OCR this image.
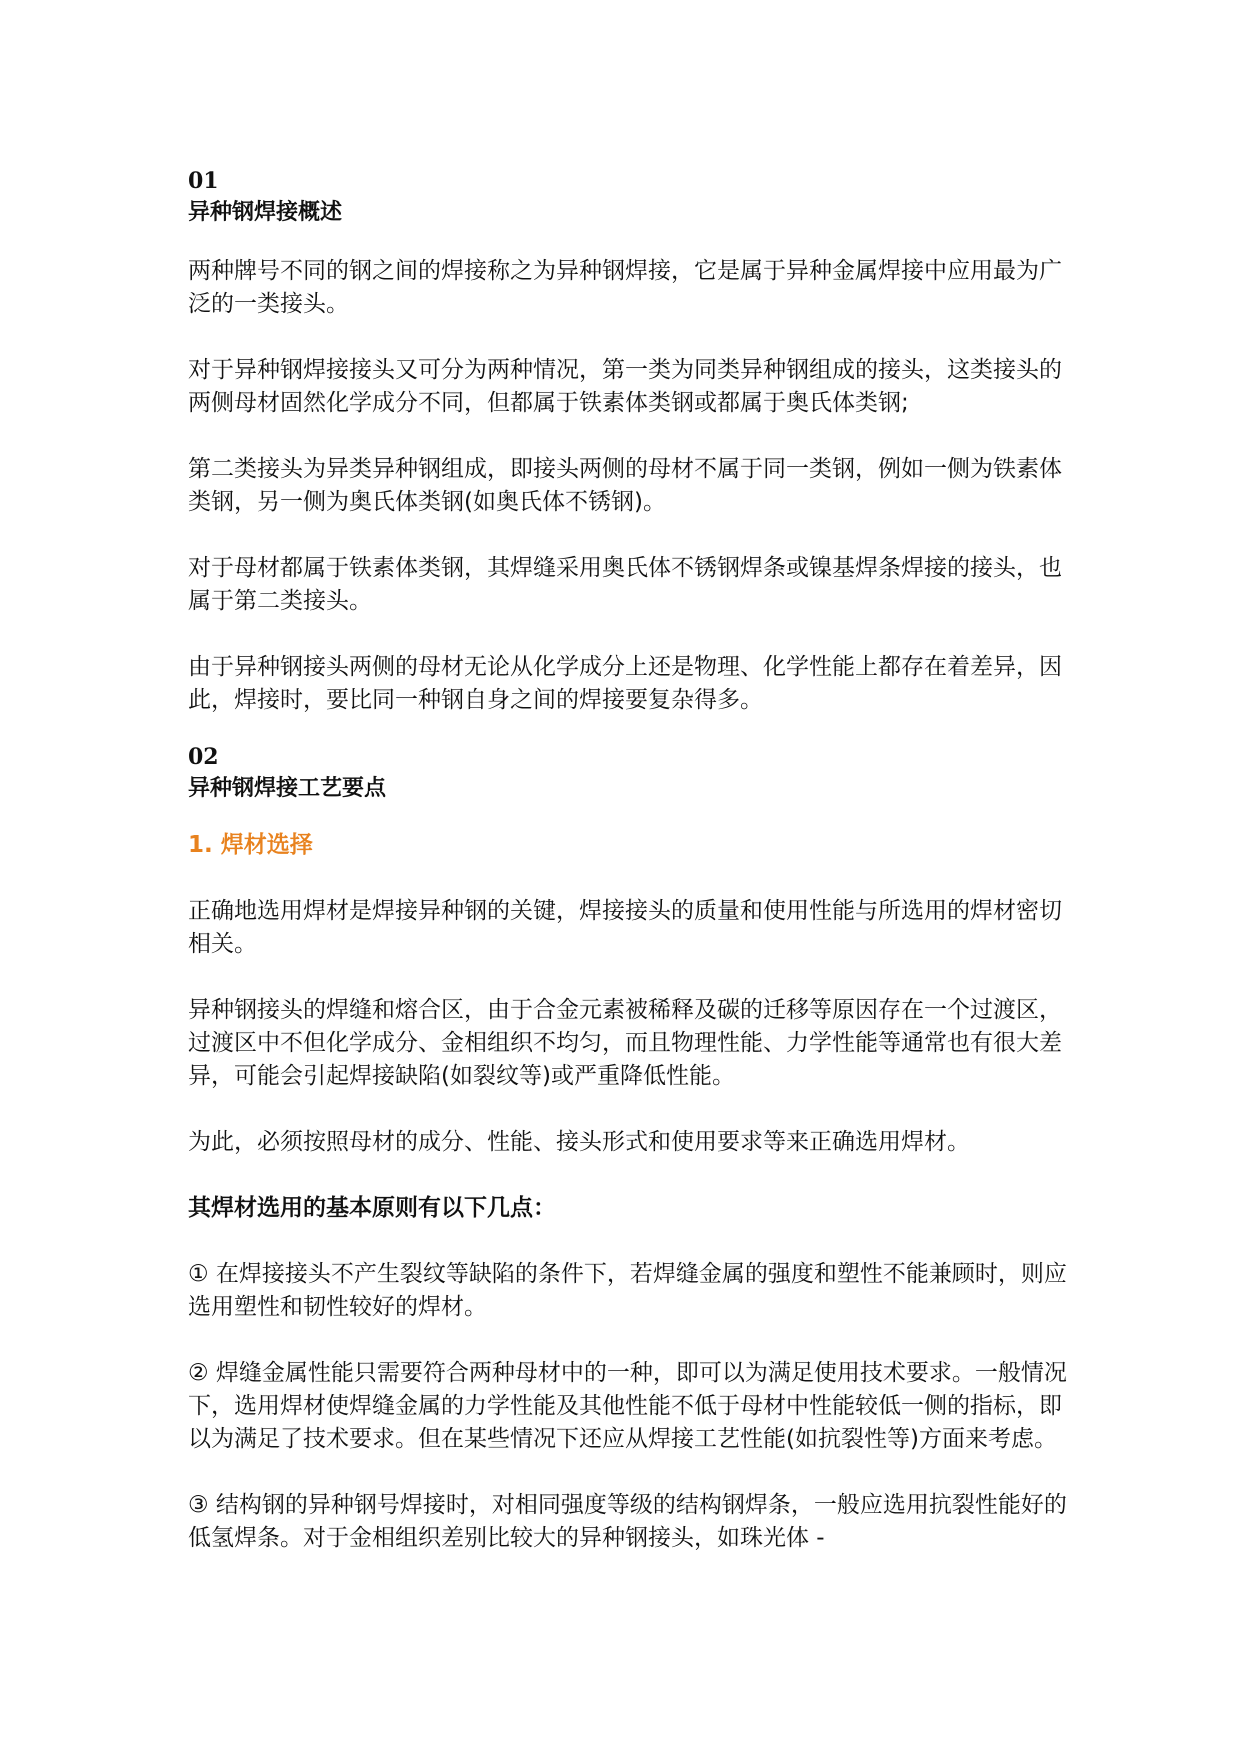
01
异种钢焊接概述

两种牌号不同的钢之间的焊接称之为异种钢焊接，它是属于异种金属焊接中应用最为广泛的一类接头。

对于异种钢焊接接头又可分为两种情况，第一类为同类异种钢组成的接头，这类接头的两侧母材固然化学成分不同，但都属于铁素体类钢或都属于奥氏体类钢;

第二类接头为异类异种钢组成，即接头两侧的母材不属于同一类钢，例如一侧为铁素体类钢，另一侧为奥氏体类钢(如奥氏体不锈钢)。

对于母材都属于铁素体类钢，其焊缝采用奥氏体不锈钢焊条或镍基焊条焊接的接头，也属于第二类接头。

由于异种钢接头两侧的母材无论从化学成分上还是物理、化学性能上都存在着差异，因此，焊接时，要比同一种钢自身之间的焊接要复杂得多。

02
异种钢焊接工艺要点
1. 焊材选择

正确地选用焊材是焊接异种钢的关键，焊接接头的质量和使用性能与所选用的焊材密切相关。

异种钢接头的焊缝和熔合区，由于合金元素被稀释及碳的迁移等原因存在一个过渡区，过渡区中不但化学成分、金相组织不均匀，而且物理性能、力学性能等通常也有很大差异，可能会引起焊接缺陷(如裂纹等)或严重降低性能。

为此，必须按照母材的成分、性能、接头形式和使用要求等来正确选用焊材。

其焊材选用的基本原则有以下几点：

① 在焊接接头不产生裂纹等缺陷的条件下，若焊缝金属的强度和塑性不能兼顾时，则应选用塑性和韧性较好的焊材。

② 焊缝金属性能只需要符合两种母材中的一种，即可以为满足使用技术要求。一般情况下，选用焊材使焊缝金属的力学性能及其他性能不低于母材中性能较低一侧的指标，即以为满足了技术要求。但在某些情况下还应从焊接工艺性能(如抗裂性等)方面来考虑。

③ 结构钢的异种钢号焊接时，对相同强度等级的结构钢焊条，一般应选用抗裂性能好的低氢焊条。对于金相组织差别比较大的异种钢接头，如珠光体 -
